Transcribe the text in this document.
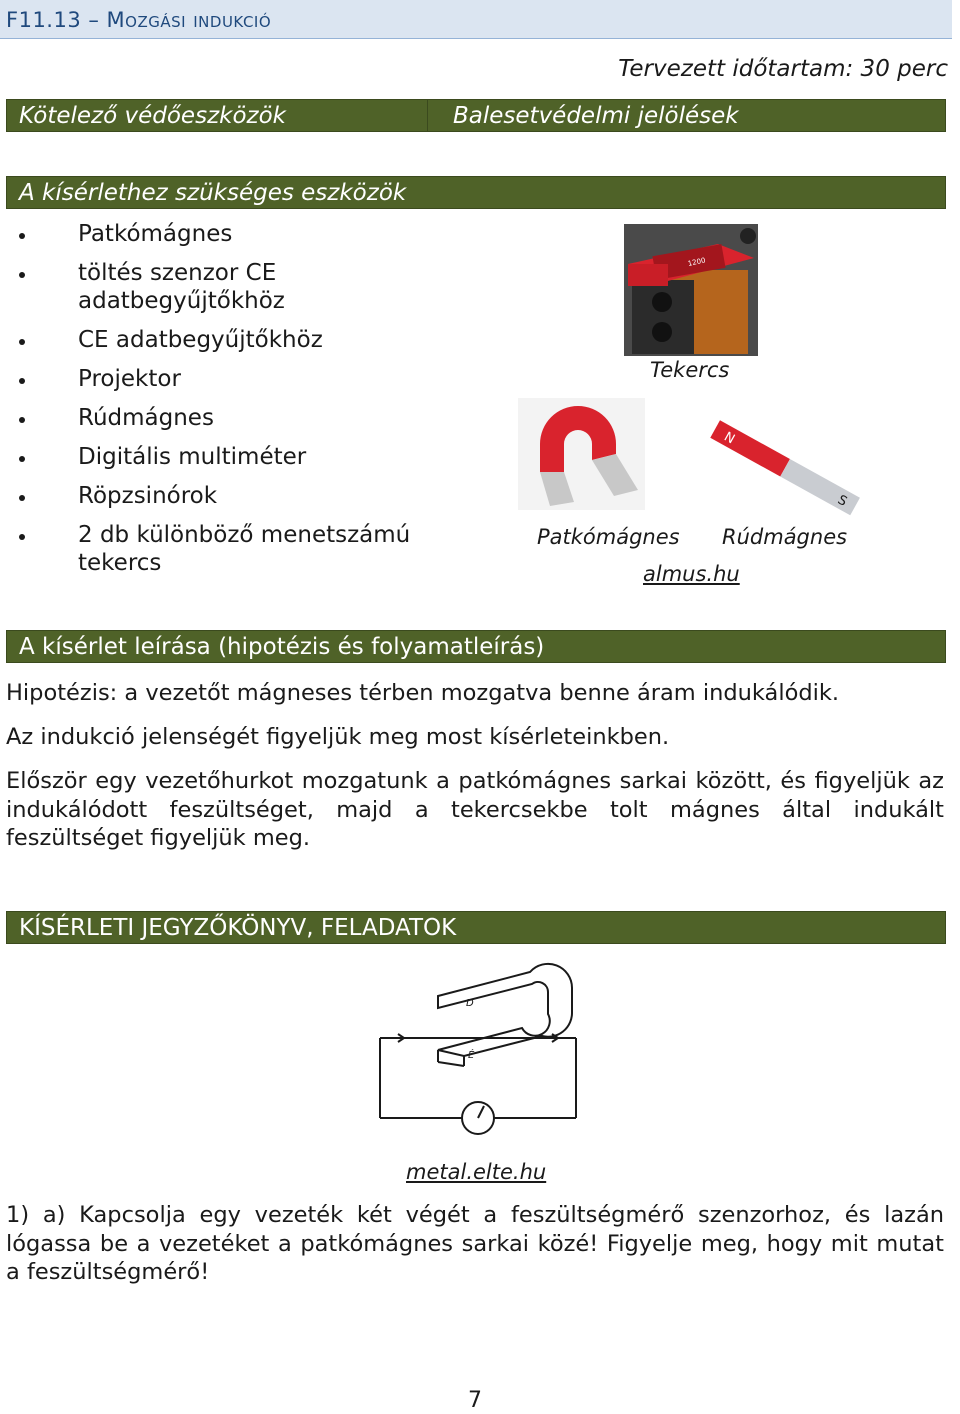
F11.13 – Mozgási indukció
Tervezett időtartam: 30 perc
Kötelező védőeszközök	Balesetvédelmi jelölések
A kísérlethez szükséges eszközök
Patkómágnes
töltés szenzor CE adatbegyűjtőkhöz
CE adatbegyűjtőkhöz
Projektor
Rúdmágnes
Digitális multiméter
Röpzsinórok
2 db különböző menetszámú tekercs
1200
Tekercs
N
S
Patkómágnes Rúdmágnes
almus.hu
A kísérlet leírása (hipotézis és folyamatleírás)

Hipotézis: a vezetőt mágneses térben mozgatva benne áram indukálódik.

Az indukció jelenségét figyeljük meg most kísérleteinkben.

Először egy vezetőhurkot mozgatunk a patkómágnes sarkai között, és figyeljük az indukálódott feszültséget, majd a tekercsekbe tolt mágnes által indukált feszültséget figyeljük meg.

KÍSÉRLETI JEGYZŐKÖNYV, FELADATOK
D
É
metal.elte.hu

1) a) Kapcsolja egy vezeték két végét a feszültségmérő szenzorhoz, és lazán lógassa be a vezetéket a patkómágnes sarkai közé! Figyelje meg, hogy mit mutat a feszültségmérő!

7
